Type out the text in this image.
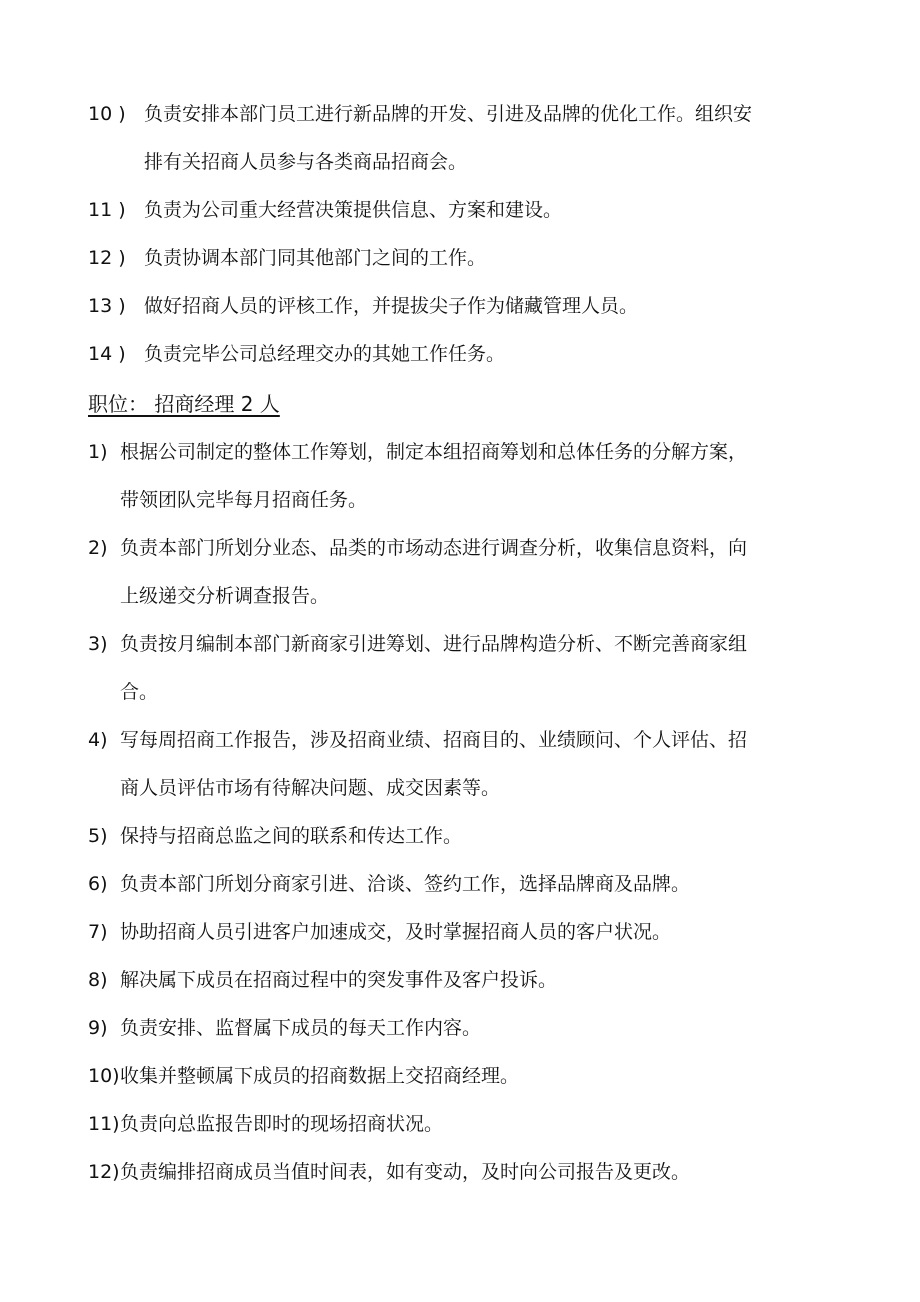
10 ) 负责安排本部门员工进行新品牌的开发、引进及品牌的优化工作。组织安
排有关招商人员参与各类商品招商会。
11 ) 负责为公司重大经营决策提供信息、方案和建设。
12 ) 负责协调本部门同其他部门之间的工作。
13 ) 做好招商人员的评核工作，并提拔尖子作为储藏管理人员。
14 ) 负责完毕公司总经理交办的其她工作任务。
职位： 招商经理 2 人
1) 根据公司制定的整体工作筹划，制定本组招商筹划和总体任务的分解方案，
带领团队完毕每月招商任务。
2) 负责本部门所划分业态、品类的市场动态进行调查分析，收集信息资料，向
上级递交分析调查报告。
3) 负责按月编制本部门新商家引进筹划、进行品牌构造分析、不断完善商家组
合。
4) 写每周招商工作报告，涉及招商业绩、招商目的、业绩顾问、个人评估、招
商人员评估市场有待解决问题、成交因素等。
5) 保持与招商总监之间的联系和传达工作。
6) 负责本部门所划分商家引进、洽谈、签约工作，选择品牌商及品牌。
7) 协助招商人员引进客户加速成交，及时掌握招商人员的客户状况。
8) 解决属下成员在招商过程中的突发事件及客户投诉。
9) 负责安排、监督属下成员的每天工作内容。
10) 收集并整顿属下成员的招商数据上交招商经理。
11) 负责向总监报告即时的现场招商状况。
12) 负责编排招商成员当值时间表，如有变动，及时向公司报告及更改。
